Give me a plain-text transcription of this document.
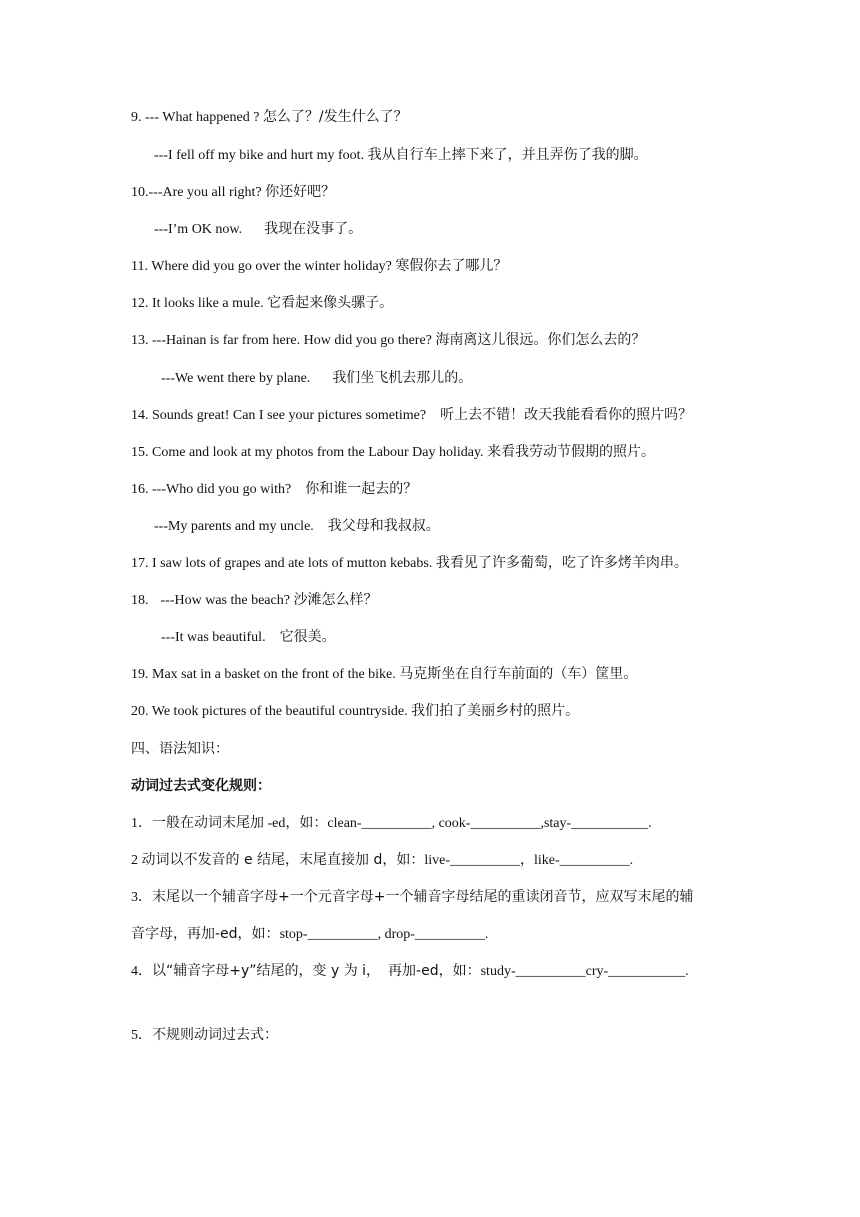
9. --- What happened ? 怎么了？/发生什么了？
---I fell off my bike and hurt my foot. 我从自行车上摔下来了，并且弄伤了我的脚。
10.---Are you all right? 你还好吧？
---I’m OK now. 我现在没事了。
11. Where did you go over the winter holiday? 寒假你去了哪儿？
12. It looks like a mule. 它看起来像头骡子。
13. ---Hainan is far from here. How did you go there? 海南离这儿很远。你们怎么去的？
---We went there by plane. 我们坐飞机去那儿的。
14. Sounds great! Can I see your pictures sometime? 听上去不错！改天我能看看你的照片吗？
15. Come and look at my photos from the Labour Day holiday. 来看我劳动节假期的照片。
16. ---Who did you go with? 你和谁一起去的？
---My parents and my uncle. 我父母和我叔叔。
17. I saw lots of grapes and ate lots of mutton kebabs. 我看见了许多葡萄，吃了许多烤羊肉串。
18. ---How was the beach? 沙滩怎么样？
---It was beautiful. 它很美。
19. Max sat in a basket on the front of the bike. 马克斯坐在自行车前面的（车）筐里。
20. We took pictures of the beautiful countryside. 我们拍了美丽乡村的照片。
四、语法知识：
动词过去式变化规则：
1．一般在动词末尾加 -ed，如：clean-__________, cook-__________,stay-___________.
2 动词以不发音的 e 结尾，末尾直接加 d，如：live-__________，like-__________.
3．末尾以一个辅音字母+一个元音字母+一个辅音字母结尾的重读闭音节，应双写末尾的辅
音字母，再加-ed，如：stop-__________, drop-__________.
4．以“辅音字母+y”结尾的，变 y 为 i， 再加-ed，如：study-__________cry-___________.
5．不规则动词过去式：
